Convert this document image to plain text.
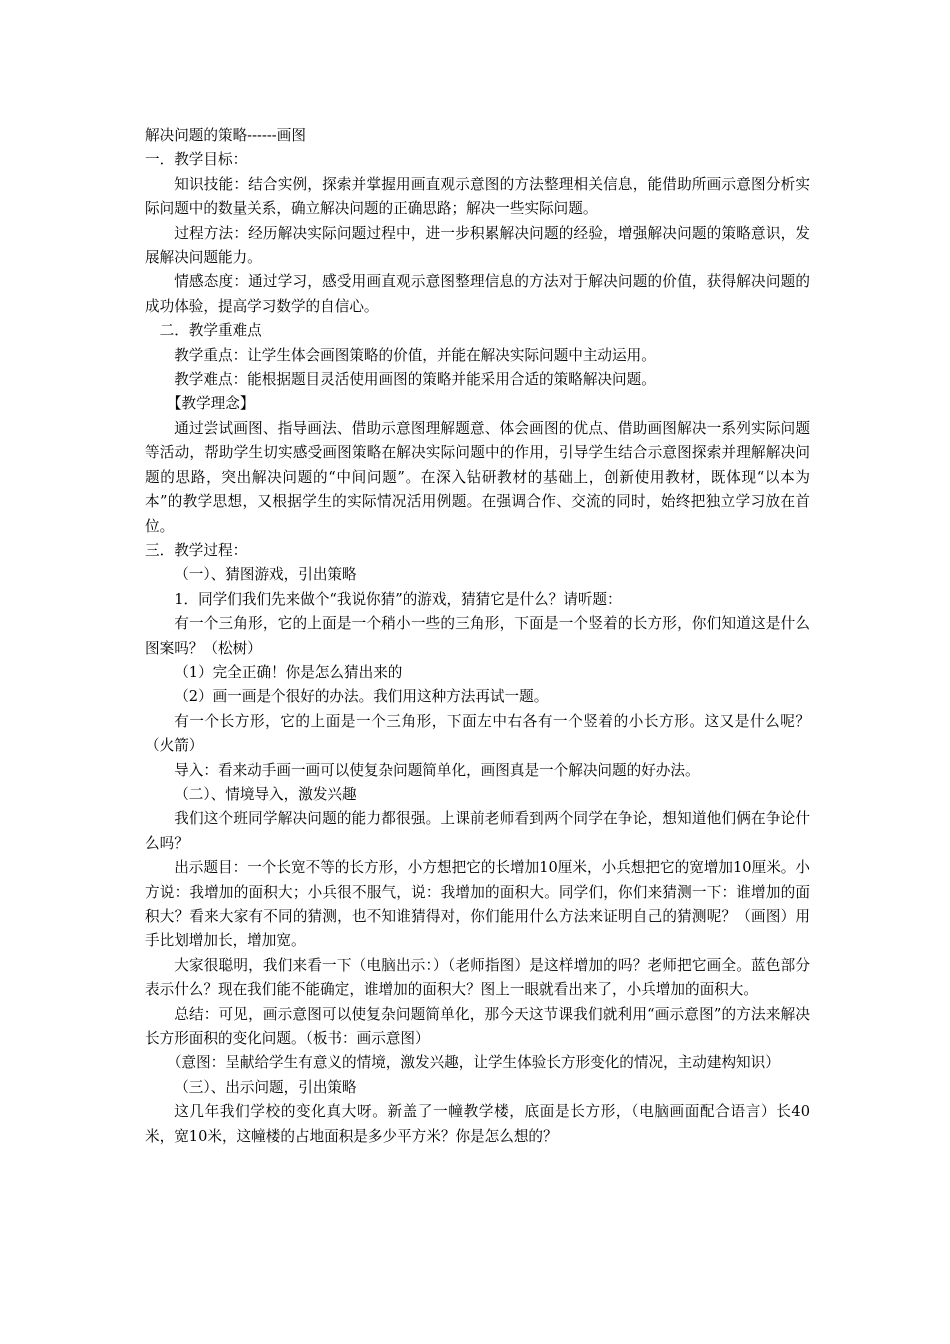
解决问题的策略------画图

一．教学目标：

知识技能：结合实例，探索并掌握用画直观示意图的方法整理相关信息，能借助所画示意图分析实际问题中的数量关系，确立解决问题的正确思路；解决一些实际问题。

过程方法：经历解决实际问题过程中，进一步积累解决问题的经验，增强解决问题的策略意识，发展解决问题能力。

情感态度：通过学习，感受用画直观示意图整理信息的方法对于解决问题的价值，获得解决问题的成功体验，提高学习数学的自信心。

二．教学重难点

教学重点：让学生体会画图策略的价值，并能在解决实际问题中主动运用。

教学难点：能根据题目灵活使用画图的策略并能采用合适的策略解决问题。

【教学理念】

通过尝试画图、指导画法、借助示意图理解题意、体会画图的优点、借助画图解决一系列实际问题等活动，帮助学生切实感受画图策略在解决实际问题中的作用，引导学生结合示意图探索并理解解决问题的思路，突出解决问题的“中间问题”。在深入钻研教材的基础上，创新使用教材，既体现“以本为本”的教学思想，又根据学生的实际情况活用例题。在强调合作、交流的同时，始终把独立学习放在首位。

三．教学过程：

（一）、猜图游戏，引出策略

1．同学们我们先来做个“我说你猜”的游戏，猜猜它是什么？请听题：

有一个三角形，它的上面是一个稍小一些的三角形，下面是一个竖着的长方形，你们知道这是什么图案吗？（松树）

（1）完全正确！你是怎么猜出来的

（2）画一画是个很好的办法。我们用这种方法再试一题。

有一个长方形，它的上面是一个三角形，下面左中右各有一个竖着的小长方形。这又是什么呢？（火箭）

导入：看来动手画一画可以使复杂问题简单化，画图真是一个解决问题的好办法。

（二）、情境导入，激发兴趣

我们这个班同学解决问题的能力都很强。上课前老师看到两个同学在争论，想知道他们俩在争论什么吗？

出示题目：一个长宽不等的长方形，小方想把它的长增加10厘米，小兵想把它的宽增加10厘米。小方说：我增加的面积大；小兵很不服气，说：我增加的面积大。同学们，你们来猜测一下：谁增加的面积大？看来大家有不同的猜测，也不知谁猜得对，你们能用什么方法来证明自己的猜测呢？（画图）用手比划增加长，增加宽。

大家很聪明，我们来看一下（电脑出示：）（老师指图）是这样增加的吗？老师把它画全。蓝色部分表示什么？现在我们能不能确定，谁增加的面积大？图上一眼就看出来了，小兵增加的面积大。

总结：可见，画示意图可以使复杂问题简单化，那今天这节课我们就利用“画示意图”的方法来解决长方形面积的变化问题。（板书：画示意图）

（意图：呈献给学生有意义的情境，激发兴趣，让学生体验长方形变化的情况，主动建构知识）

（三）、出示问题，引出策略

这几年我们学校的变化真大呀。新盖了一幢教学楼，底面是长方形，（电脑画面配合语言）长40米，宽10米，这幢楼的占地面积是多少平方米？你是怎么想的？
